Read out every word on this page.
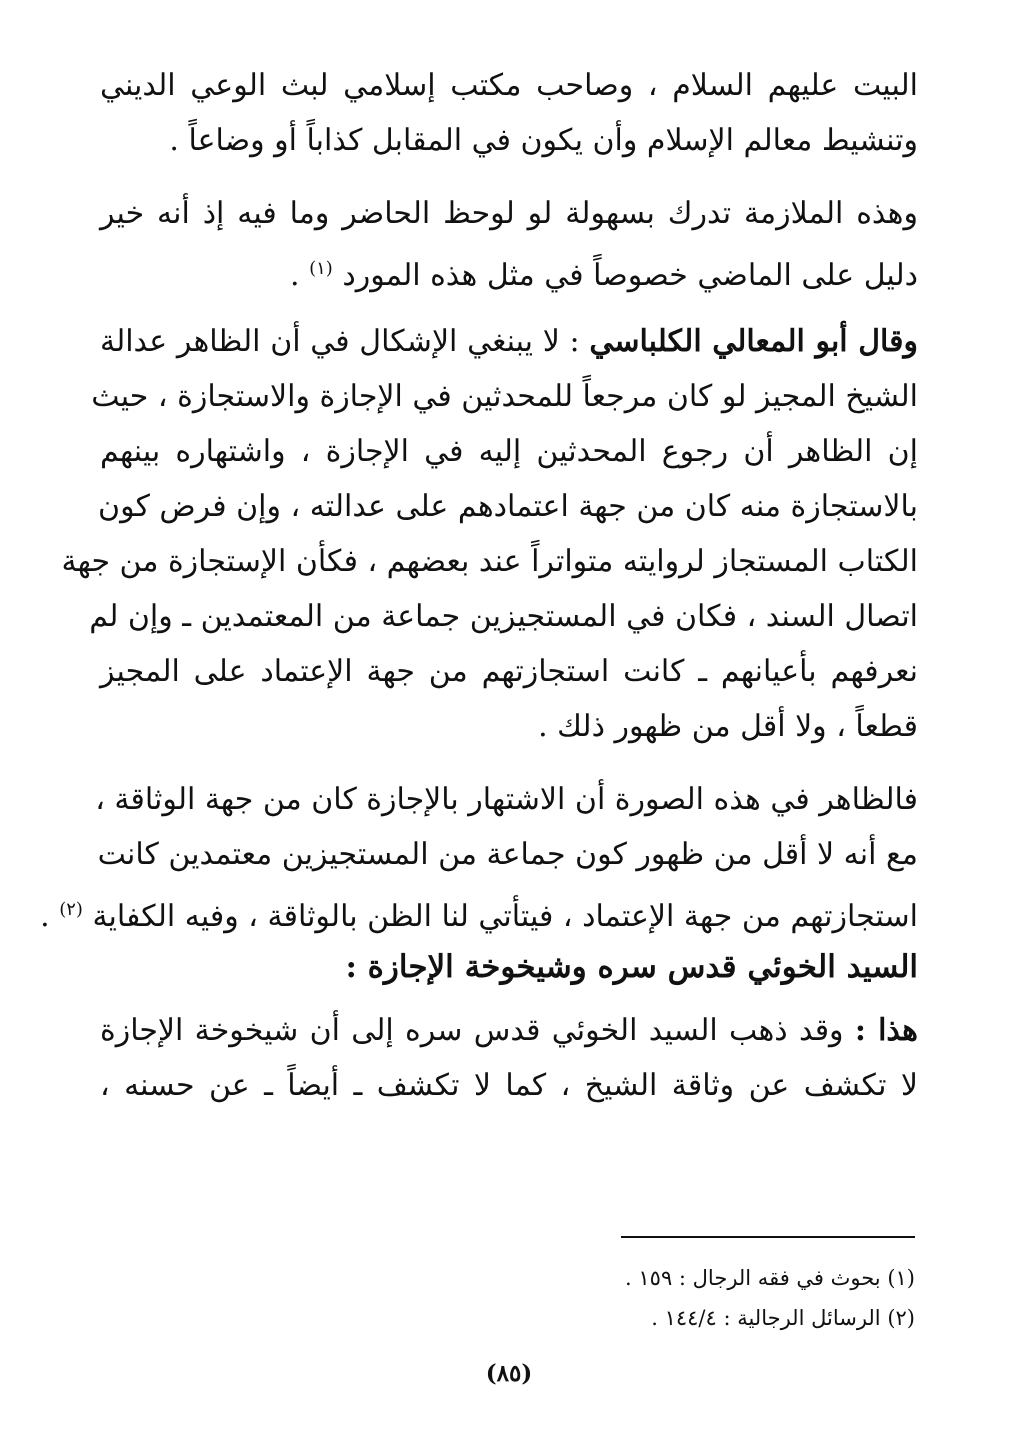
البيت عليهم السلام ، وصاحب مكتب إسلامي لبث الوعي الديني
وتنشيط معالم الإسلام وأن يكون في المقابل كذاباً أو وضاعاً .
وهذه الملازمة تدرك بسهولة لو لوحظ الحاضر وما فيه إذ أنه خير
دليل على الماضي خصوصاً في مثل هذه المورد $^{(١)}$ .
وقال أبو المعالي الكلباسي : لا يبنغي الإشكال في أن الظاهر عدالة
الشيخ المجيز لو كان مرجعاً للمحدثين في الإجازة والاستجازة ، حيث
إن الظاهر أن رجوع المحدثين إليه في الإجازة ، واشتهاره بينهم
بالاستجازة منه كان من جهة اعتمادهم على عدالته ، وإن فرض كون
الكتاب المستجاز لروايته متواتراً عند بعضهم ، فكأن الإستجازة من جهة
اتصال السند ، فكان في المستجيزين جماعة من المعتمدين ـ وإن لم
نعرفهم بأعيانهم ـ كانت استجازتهم من جهة الإعتماد على المجيز
قطعاً ، ولا أقل من ظهور ذلك .
فالظاهر في هذه الصورة أن الاشتهار بالإجازة كان من جهة الوثاقة ،
مع أنه لا أقل من ظهور كون جماعة من المستجيزين معتمدين كانت
استجازتهم من جهة الإعتماد ، فيتأتي لنا الظن بالوثاقة ، وفيه الكفاية $^{(٢)}$ .
السيد الخوئي قدس سره وشيخوخة الإجازة :
هذا : وقد ذهب السيد الخوئي قدس سره إلى أن شيخوخة الإجازة
لا تكشف عن وثاقة الشيخ ، كما لا تكشف ـ أيضاً ـ عن حسنه ،
(١) بحوث في فقه الرجال : ١٥٩ .
(٢) الرسائل الرجالية : ١٤٤/٤ .
(٨٥)
